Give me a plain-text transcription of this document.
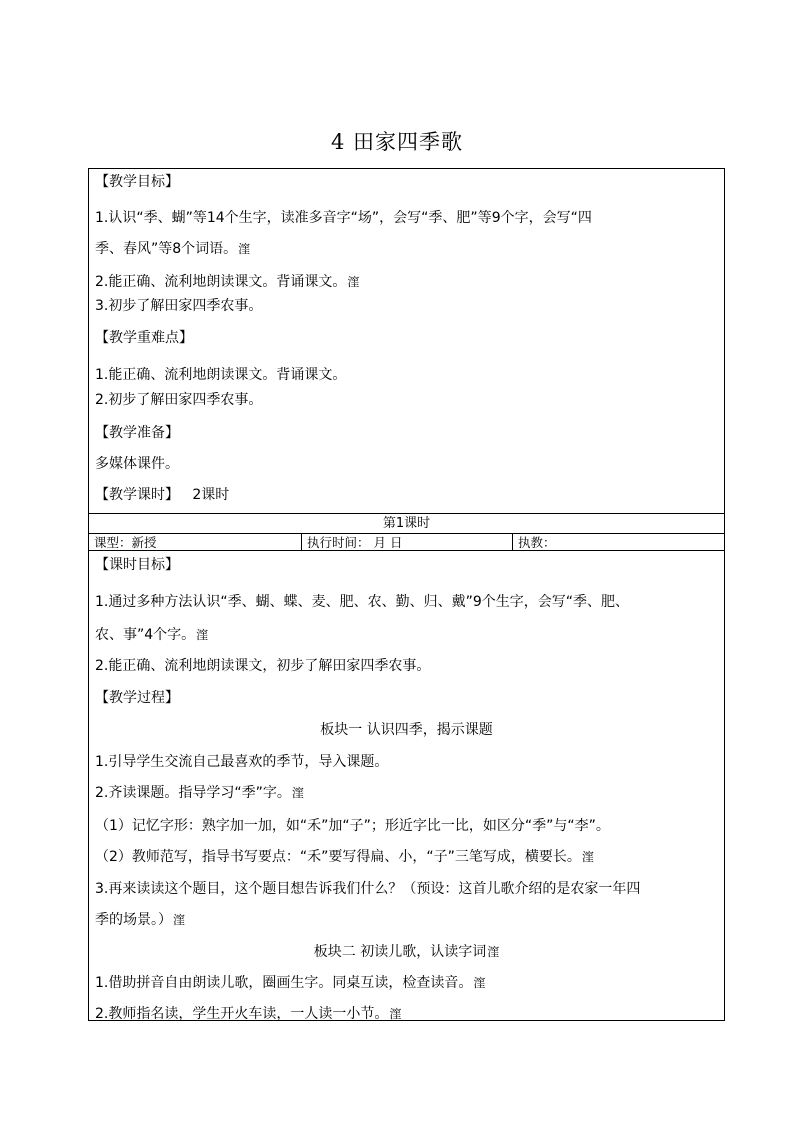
4 田家四季歌
【教学目标】
1.认识“季、蝴”等14个生字，读准多音字“场”，会写“季、肥”等9个字，会写“四
季、春风”等8个词语。漥
2.能正确、流利地朗读课文。背诵课文。漥
3.初步了解田家四季农事。
【教学重难点】
1.能正确、流利地朗读课文。背诵课文。
2.初步了解田家四季农事。
【教学准备】
多媒体课件。
【教学课时】 2课时
第1课时
课型：新授	执行时间： 月 日	执教：
【课时目标】
1.通过多种方法认识“季、蝴、蝶、麦、肥、农、勤、归、戴”9个生字，会写“季、肥、
农、事”4个字。漥
2.能正确、流利地朗读课文，初步了解田家四季农事。
【教学过程】
板块一 认识四季，揭示课题
1.引导学生交流自己最喜欢的季节，导入课题。
2.齐读课题。指导学习“季”字。漥
（1）记忆字形：熟字加一加，如“禾”加“子”；形近字比一比，如区分“季”与“李”。
（2）教师范写，指导书写要点：“禾”要写得扁、小，“子”三笔写成，横要长。漥
3.再来读读这个题目，这个题目想告诉我们什么？（预设：这首儿歌介绍的是农家一年四
季的场景。）漥
板块二 初读儿歌，认读字词漥
1.借助拼音自由朗读儿歌，圈画生字。同桌互读，检查读音。漥
2.教师指名读，学生开火车读，一人读一小节。漥
